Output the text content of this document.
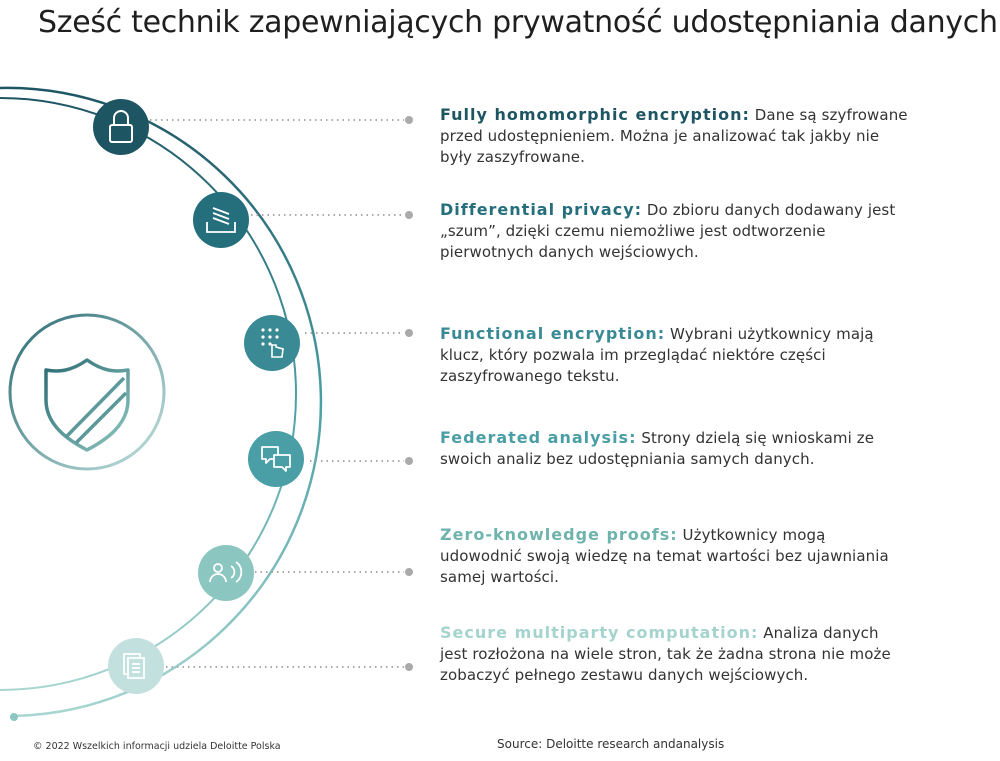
Sześć technik zapewniających prywatność udostępniania danych
Fully homomorphic encryption: Dane są szyfrowane przed udostępnieniem. Można je analizować tak jakby nie były zaszyfrowane.
Differential privacy: Do zbioru danych dodawany jest „szum”, dzięki czemu niemożliwe jest odtworzenie pierwotnych danych wejściowych.
Functional encryption: Wybrani użytkownicy mają klucz, który pozwala im przeglądać niektóre części zaszyfrowanego tekstu.
Federated analysis: Strony dzielą się wnioskami ze swoich analiz bez udostępniania samych danych.
Zero-knowledge proofs: Użytkownicy mogą udowodnić swoją wiedzę na temat wartości bez ujawniania samej wartości.
Secure multiparty computation: Analiza danych jest rozłożona na wiele stron, tak że żadna strona nie może zobaczyć pełnego zestawu danych wejściowych.
© 2022 Wszelkich informacji udziela Deloitte Polska	Source: Deloitte research andanalysis
